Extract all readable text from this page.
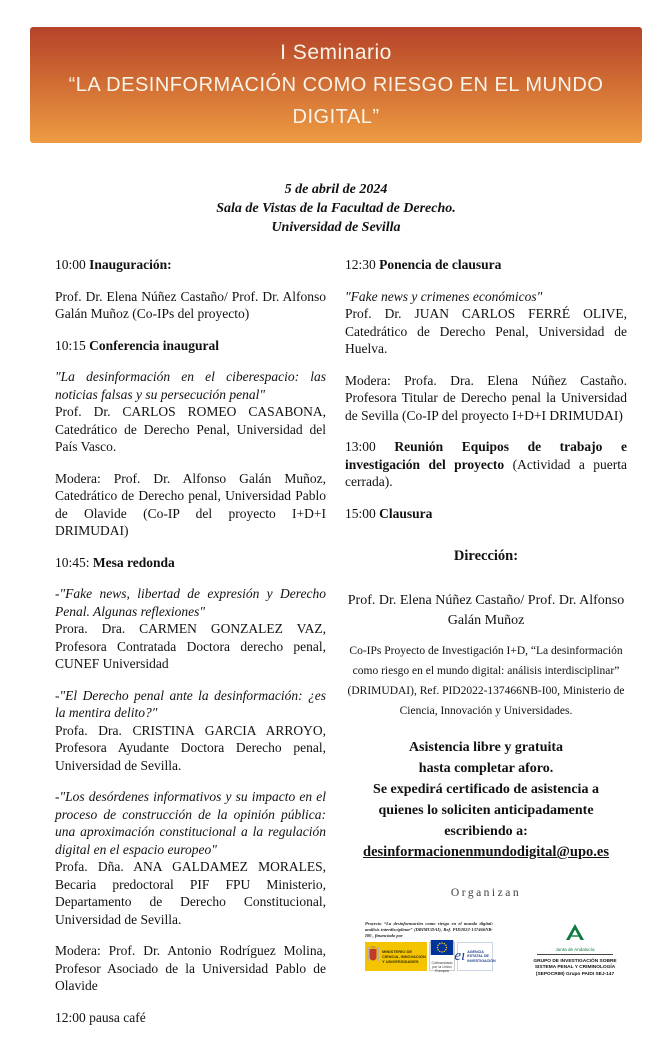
I Seminario
“LA DESINFORMACIÓN COMO RIESGO EN EL MUNDO
DIGITAL”
5 de abril de 2024
Sala de Vistas de la Facultad de Derecho.
Universidad de Sevilla

10:00 Inauguración:

Prof. Dr. Elena Núñez Castaño/ Prof. Dr. Alfonso Galán Muñoz (Co-IPs del proyecto)

10:15 Conferencia inaugural

"La desinformación en el ciberespacio: las noticias falsas y su persecución penal"
Prof. Dr. CARLOS ROMEO CASABONA, Catedrático de Derecho Penal, Universidad del País Vasco.

Modera: Prof. Dr. Alfonso Galán Muñoz, Catedrático de Derecho penal, Universidad Pablo de Olavide (Co-IP del proyecto I+D+I DRIMUDAI)

10:45: Mesa redonda

-"Fake news, libertad de expresión y Derecho Penal. Algunas reflexiones"
Prora. Dra. CARMEN GONZALEZ VAZ, Profesora Contratada Doctora derecho penal, CUNEF Universidad

-"El Derecho penal ante la desinformación: ¿es la mentira delito?"
Profa. Dra. CRISTINA GARCIA ARROYO, Profesora Ayudante Doctora Derecho penal, Universidad de Sevilla.

-"Los desórdenes informativos y su impacto en el proceso de construcción de la opinión pública: una aproximación constitucional a la regulación digital en el espacio europeo"
Profa. Dña. ANA GALDAMEZ MORALES, Becaria predoctoral PIF FPU Ministerio, Departamento de Derecho Constitucional, Universidad de Sevilla.

Modera: Prof. Dr. Antonio Rodríguez Molina, Profesor Asociado de la Universidad Pablo de Olavide

12:00 pausa café

12:30 Ponencia de clausura

"Fake news y crimenes económicos"
Prof. Dr. JUAN CARLOS FERRÉ OLIVE, Catedrático de Derecho Penal, Universidad de Huelva.

Modera: Profa. Dra. Elena Núñez Castaño. Profesora Titular de Derecho penal la Universidad de Sevilla (Co-IP del proyecto I+D+I DRIMUDAI)

13:00 Reunión Equipos de trabajo e investigación del proyecto (Actividad a puerta cerrada).

15:00 Clausura

Dirección:

Prof. Dr. Elena Núñez Castaño/ Prof. Dr. Alfonso Galán Muñoz

Co-IPs Proyecto de Investigación I+D, “La desinformación como riesgo en el mundo digital: análisis interdisciplinar” (DRIMUDAI), Ref. PID2022-137466NB-I00, Ministerio de Ciencia, Innovación y Universidades.

Asistencia libre y gratuita
hasta completar aforo.
Se expedirá certificado de asistencia a
quienes lo soliciten anticipadamente
escribiendo a:
desinformacionenmundodigital@upo.es
Organizan
Proyecto “La desinformación como riesgo en el mundo digital: análisis interdisciplinar” (DRIMUDAI), Ref. PID2022-137466NB-I00 , financiado por
MINISTERIO DE CIENCIA, INNOVACIÓN Y UNIVERSIDADES	Cofinanciado por la Unión Europea
eı AGENCIA ESTATAL DE INVESTIGACIÓN
Junta de Andalucía
GRUPO DE INVESTIGACIÓN SOBRE SISTEMA PENAL Y CRIMINOLOGÍA (SEPOCRIM) Grupo PAIDI SEJ-147
